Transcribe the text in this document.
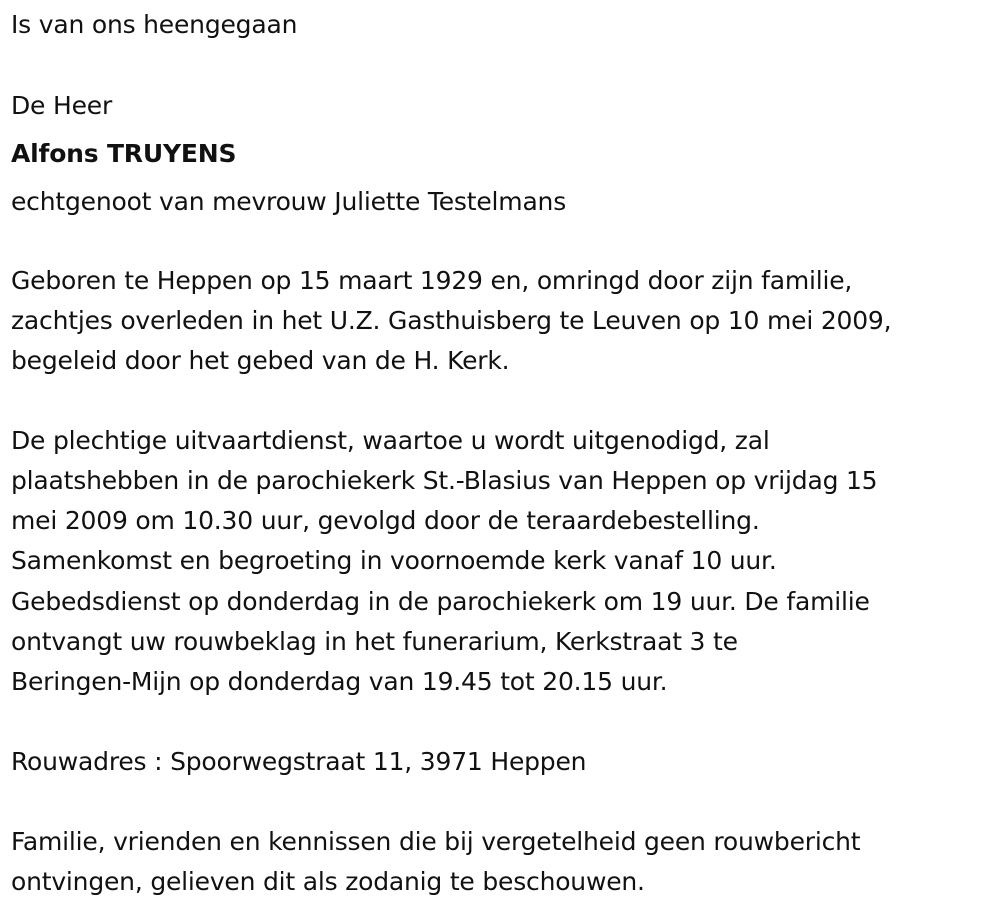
Is van ons heengegaan
De Heer
Alfons TRUYENS
echtgenoot van mevrouw Juliette Testelmans
Geboren te Heppen op 15 maart 1929 en, omringd door zijn familie,
zachtjes overleden in het U.Z. Gasthuisberg te Leuven op 10 mei 2009,
begeleid door het gebed van de H. Kerk.
De plechtige uitvaartdienst, waartoe u wordt uitgenodigd, zal
plaatshebben in de parochiekerk St.-Blasius van Heppen op vrijdag 15
mei 2009 om 10.30 uur, gevolgd door de teraardebestelling.
Samenkomst en begroeting in voornoemde kerk vanaf 10 uur.
Gebedsdienst op donderdag in de parochiekerk om 19 uur. De familie
ontvangt uw rouwbeklag in het funerarium, Kerkstraat 3 te
Beringen-Mijn op donderdag van 19.45 tot 20.15 uur.
Rouwadres : Spoorwegstraat 11, 3971 Heppen
Familie, vrienden en kennissen die bij vergetelheid geen rouwbericht
ontvingen, gelieven dit als zodanig te beschouwen.
